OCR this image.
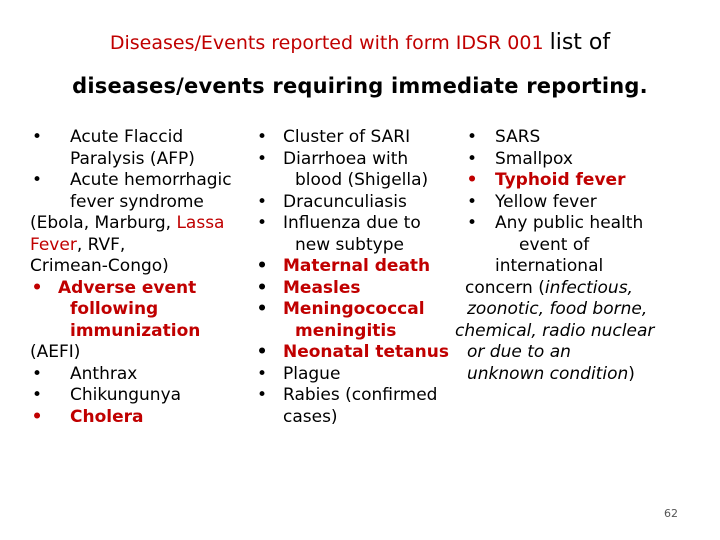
Diseases/Events reported with form IDSR 001 list of
diseases/events requiring immediate reporting.
• Acute Flaccid
Paralysis (AFP)
• Acute hemorrhagic
fever syndrome
(Ebola, Marburg, Lassa
Fever, RVF,
Crimean-Congo)
• Adverse event
following
immunization
(AEFI)
• Anthrax
• Chikungunya
• Cholera
• Cluster of SARI
• Diarrhoea with
blood (Shigella)
• Dracunculiasis
• Influenza due to
new subtype
• Maternal death
• Measles
• Meningococcal
meningitis
• Neonatal tetanus
• Plague
• Rabies (confirmed
cases)
• SARS
• Smallpox
• Typhoid fever
• Yellow fever
• Any public health
event of
international
concern (infectious,
zoonotic, food borne,
chemical, radio nuclear
or due to an
unknown condition)
62
